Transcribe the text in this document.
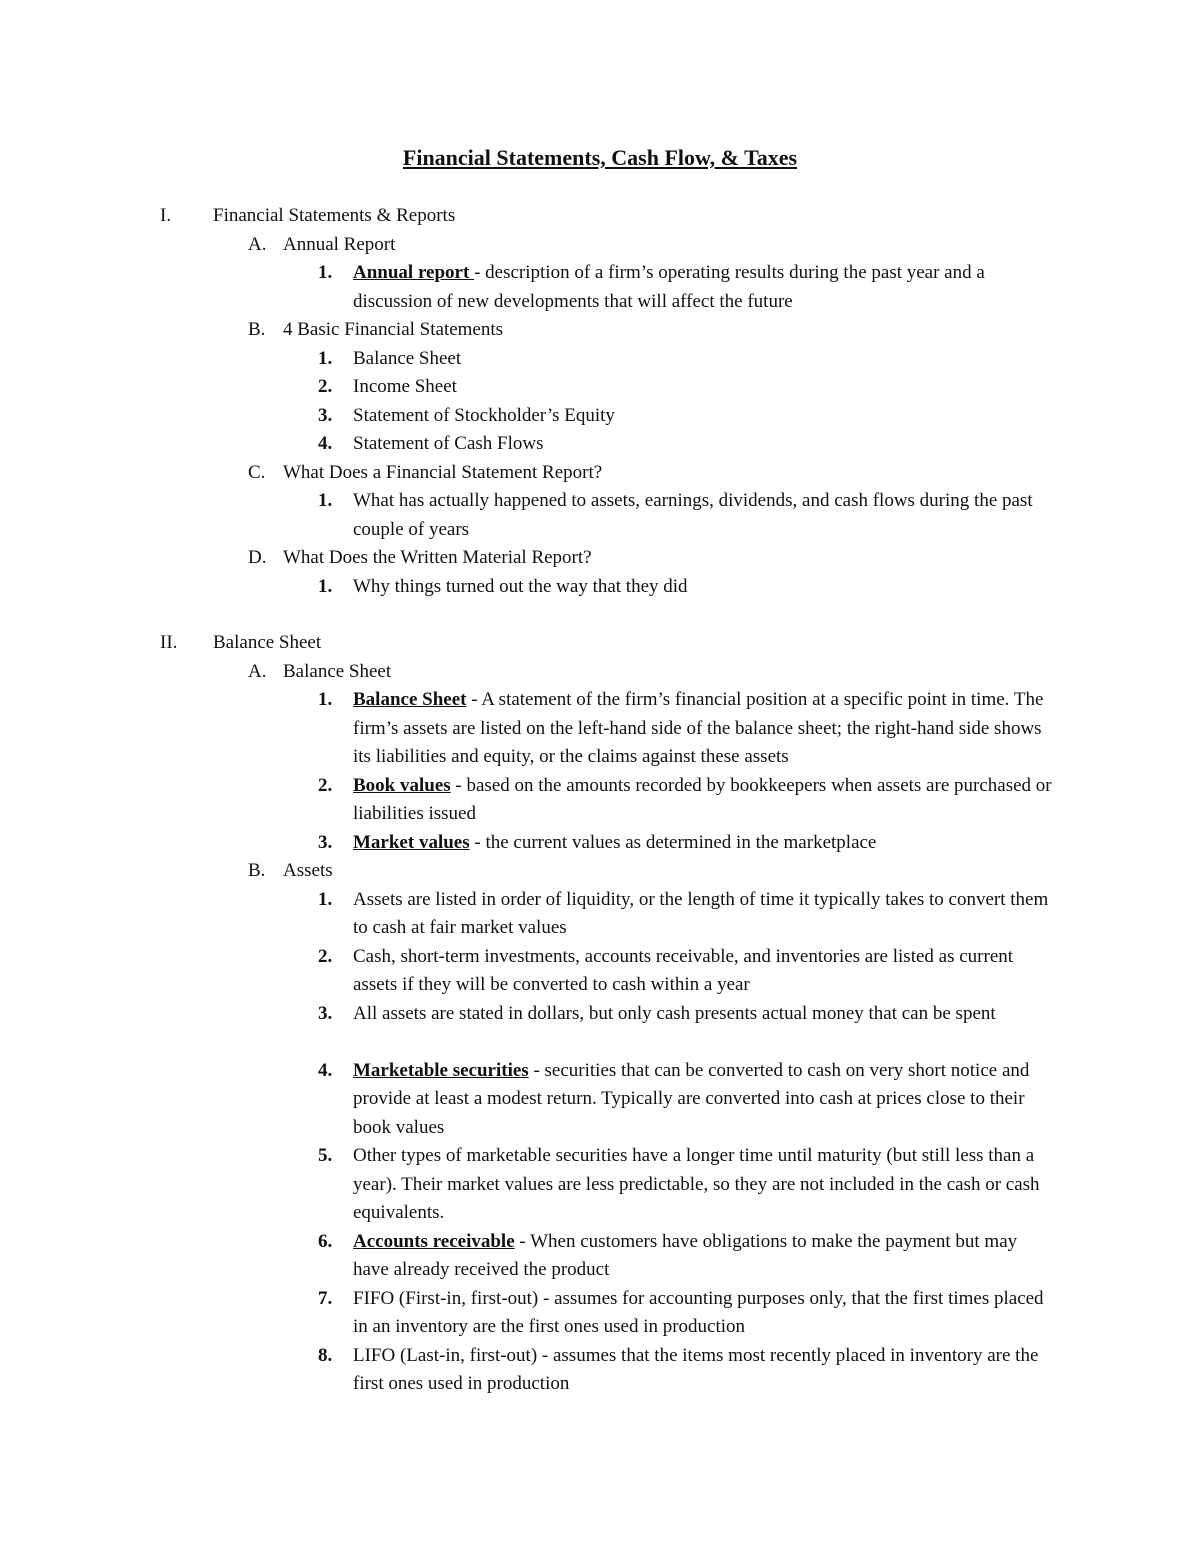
Financial Statements, Cash Flow, & Taxes
I. Financial Statements & Reports
A. Annual Report
1. Annual report - description of a firm’s operating results during the past year and a discussion of new developments that will affect the future
B. 4 Basic Financial Statements
1. Balance Sheet
2. Income Sheet
3. Statement of Stockholder’s Equity
4. Statement of Cash Flows
C. What Does a Financial Statement Report?
1. What has actually happened to assets, earnings, dividends, and cash flows during the past couple of years
D. What Does the Written Material Report?
1. Why things turned out the way that they did
II. Balance Sheet
A. Balance Sheet
1. Balance Sheet - A statement of the firm’s financial position at a specific point in time. The firm’s assets are listed on the left-hand side of the balance sheet; the right-hand side shows its liabilities and equity, or the claims against these assets
2. Book values - based on the amounts recorded by bookkeepers when assets are purchased or liabilities issued
3. Market values - the current values as determined in the marketplace
B. Assets
1. Assets are listed in order of liquidity, or the length of time it typically takes to convert them to cash at fair market values
2. Cash, short-term investments, accounts receivable, and inventories are listed as current assets if they will be converted to cash within a year
3. All assets are stated in dollars, but only cash presents actual money that can be spent
4. Marketable securities - securities that can be converted to cash on very short notice and provide at least a modest return. Typically are converted into cash at prices close to their book values
5. Other types of marketable securities have a longer time until maturity (but still less than a year). Their market values are less predictable, so they are not included in the cash or cash equivalents.
6. Accounts receivable - When customers have obligations to make the payment but may have already received the product
7. FIFO (First-in, first-out) - assumes for accounting purposes only, that the first times placed in an inventory are the first ones used in production
8. LIFO (Last-in, first-out) - assumes that the items most recently placed in inventory are the first ones used in production
